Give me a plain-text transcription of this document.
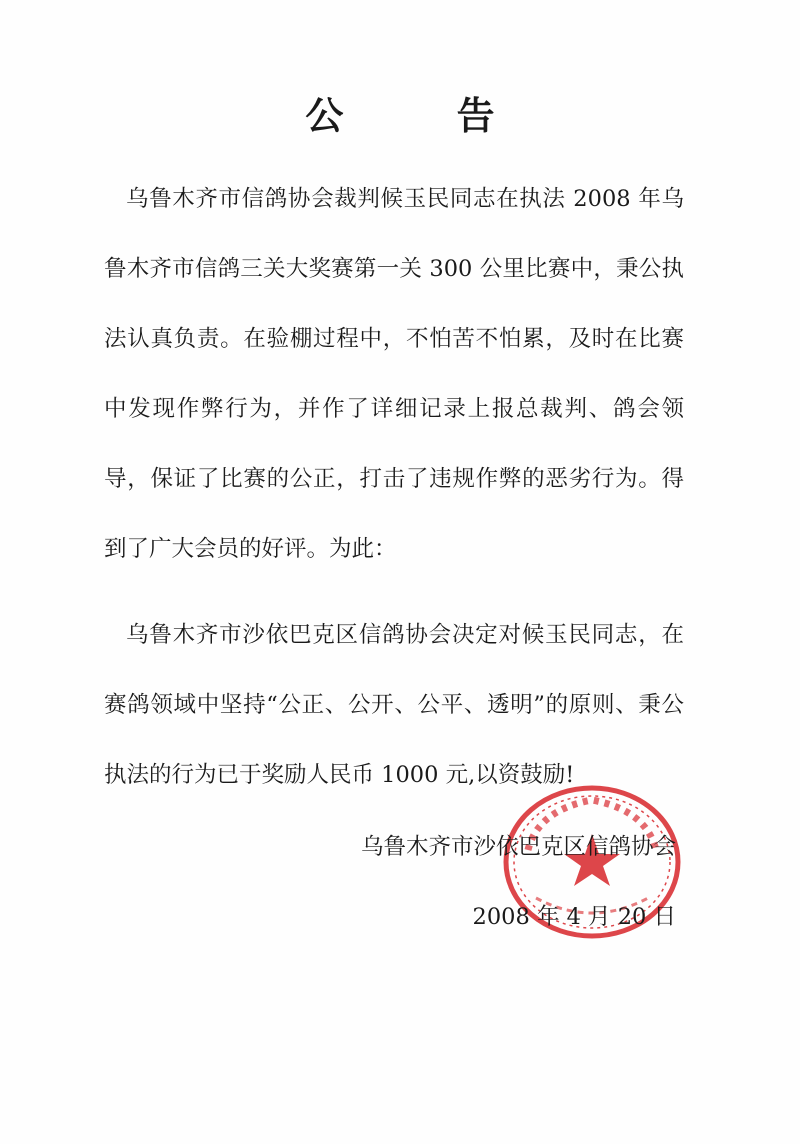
公 告

乌鲁木齐市信鸽协会裁判候玉民同志在执法 2008 年乌鲁木齐市信鸽三关大奖赛第一关 300 公里比赛中，秉公执法认真负责。在验棚过程中，不怕苦不怕累，及时在比赛中发现作弊行为，并作了详细记录上报总裁判、鸽会领导，保证了比赛的公正，打击了违规作弊的恶劣行为。得到了广大会员的好评。为此：

乌鲁木齐市沙依巴克区信鸽协会决定对候玉民同志，在赛鸽领域中坚持“公正、公开、公平、透明”的原则、秉公执法的行为已于奖励人民币 1000 元,以资鼓励!

乌鲁木齐市沙依巴克区信鸽协会
2008 年 4 月 20 日
